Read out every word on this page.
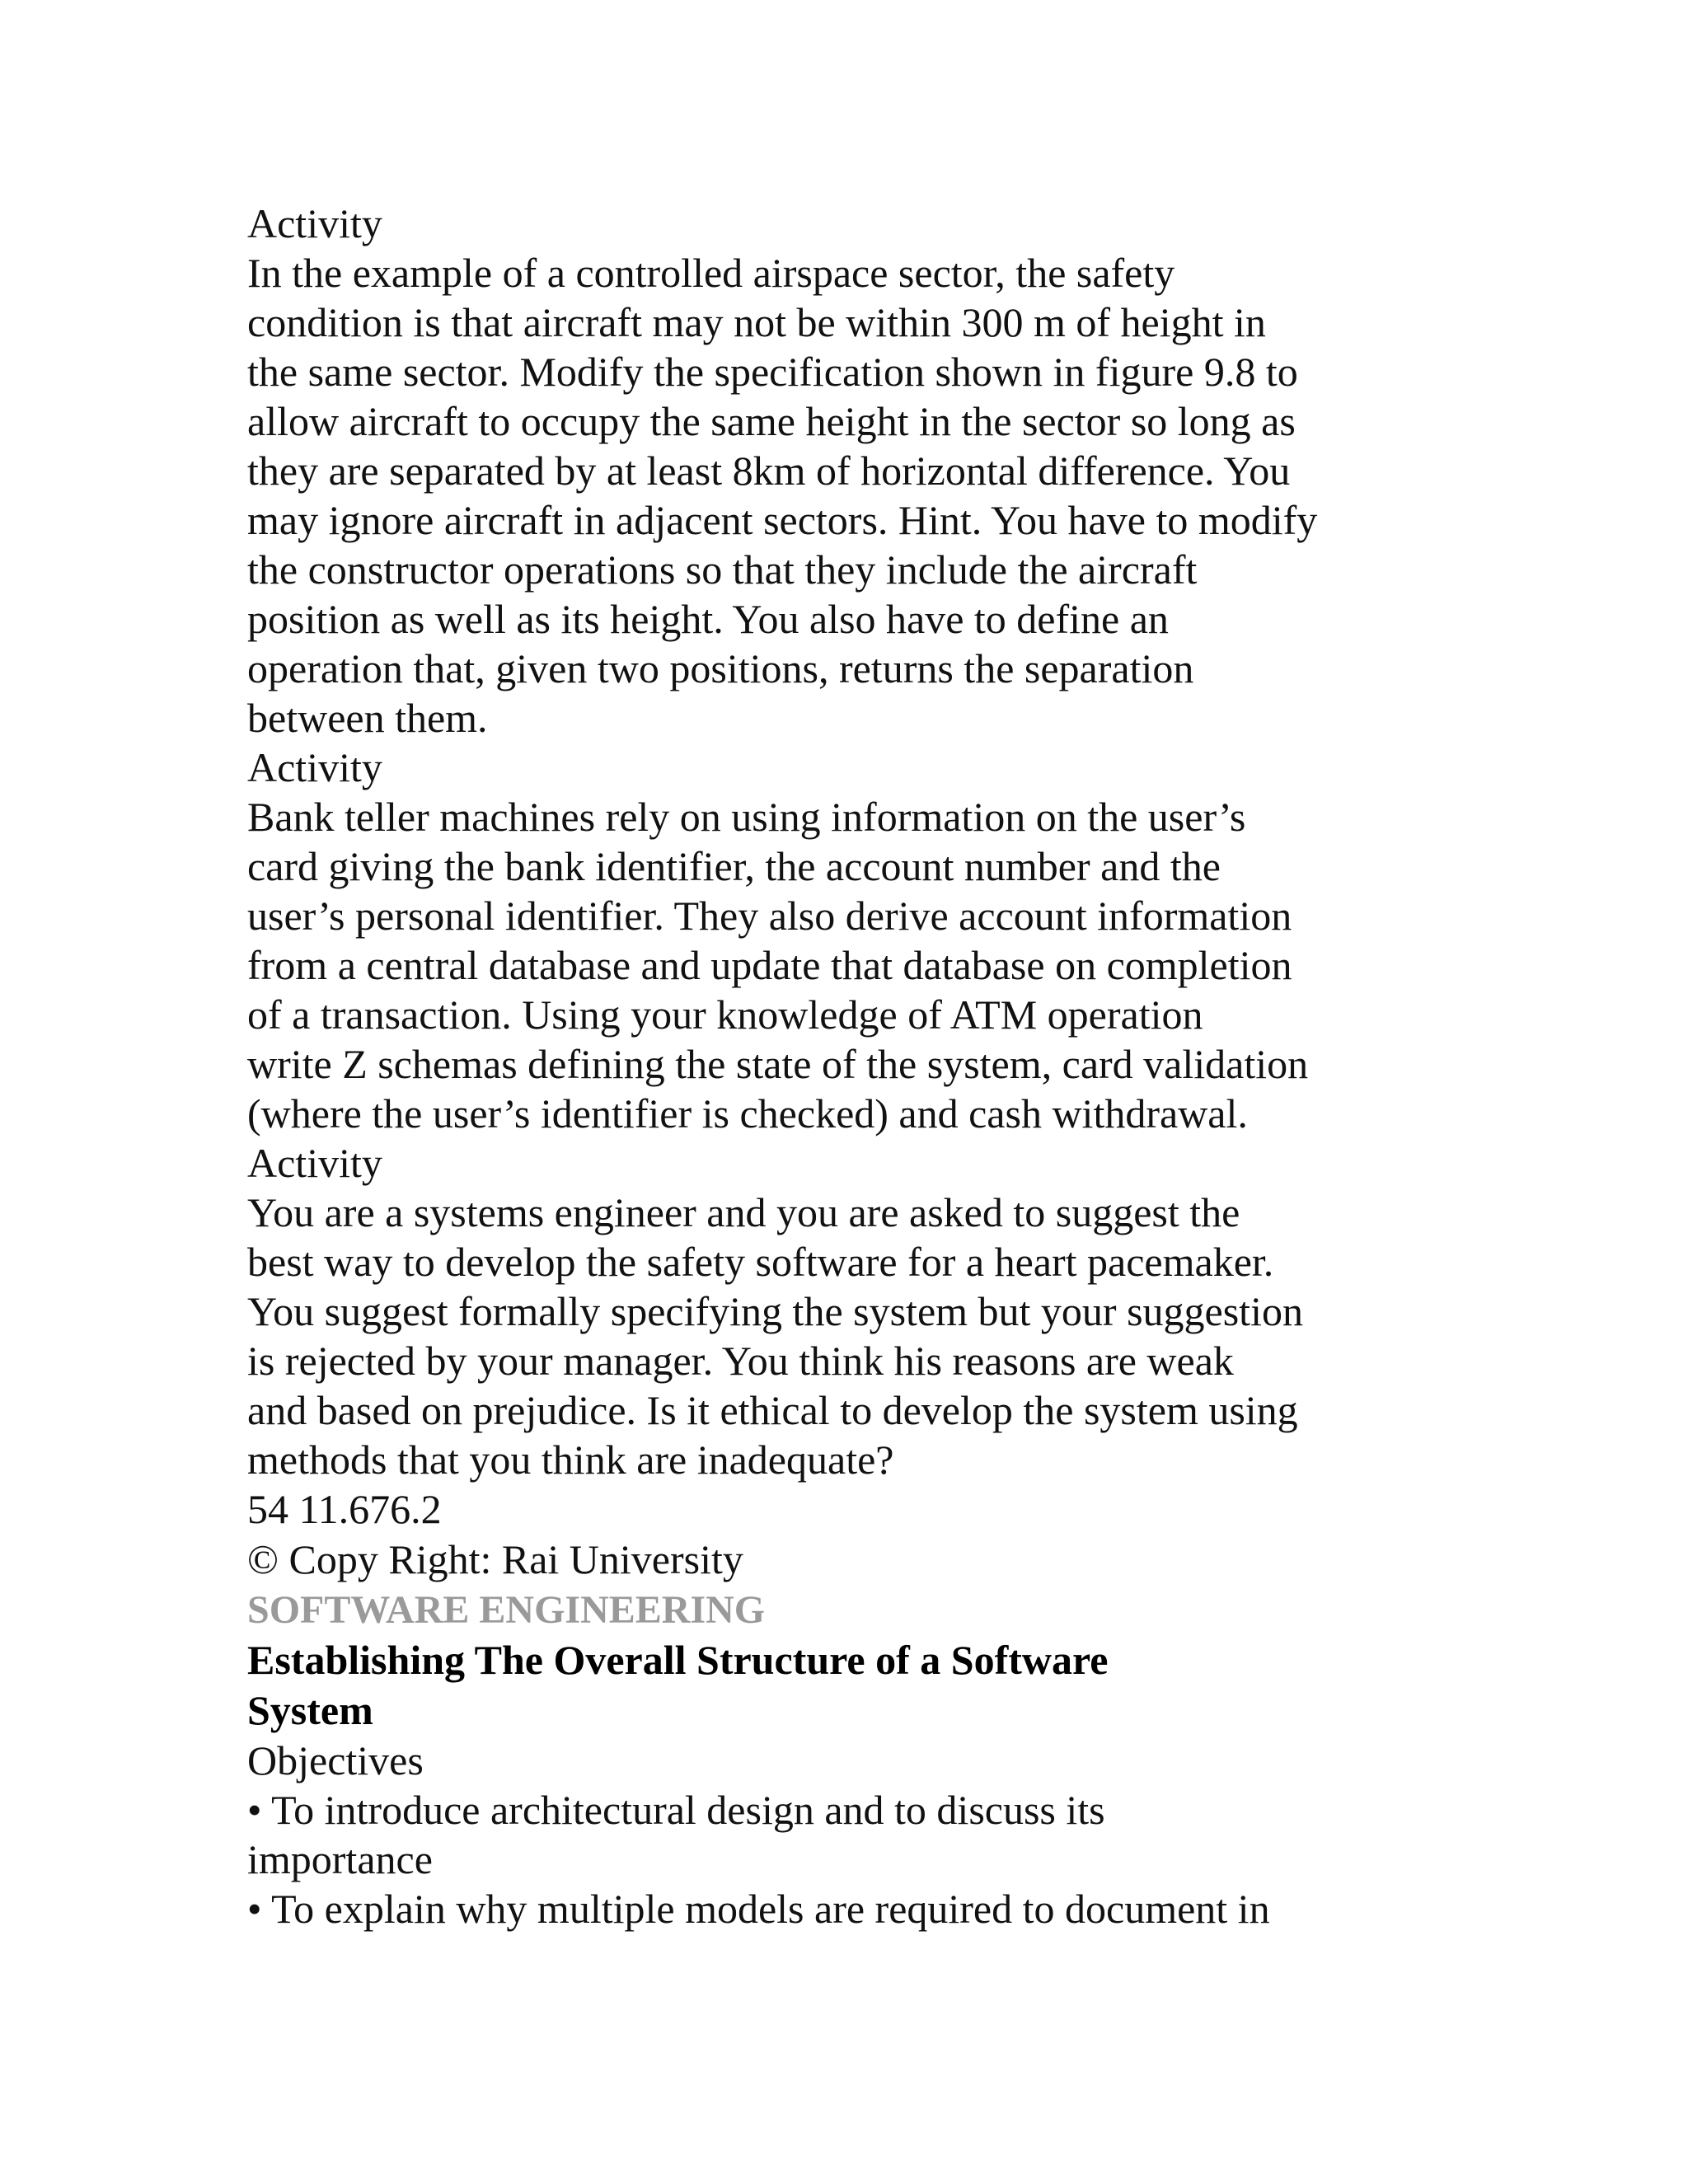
Activity
In the example of a controlled airspace sector, the safety
condition is that aircraft may not be within 300 m of height in
the same sector. Modify the specification shown in figure 9.8 to
allow aircraft to occupy the same height in the sector so long as
they are separated by at least 8km of horizontal difference. You
may ignore aircraft in adjacent sectors. Hint. You have to modify
the constructor operations so that they include the aircraft
position as well as its height. You also have to define an
operation that, given two positions, returns the separation
between them.
Activity
Bank teller machines rely on using information on the user’s
card giving the bank identifier, the account number and the
user’s personal identifier. They also derive account information
from a central database and update that database on completion
of a transaction. Using your knowledge of ATM operation
write Z schemas defining the state of the system, card validation
(where the user’s identifier is checked) and cash withdrawal.
Activity
You are a systems engineer and you are asked to suggest the
best way to develop the safety software for a heart pacemaker.
You suggest formally specifying the system but your suggestion
is rejected by your manager. You think his reasons are weak
and based on prejudice. Is it ethical to develop the system using
methods that you think are inadequate?
54 11.676.2
© Copy Right: Rai University
SOFTWARE ENGINEERING
Establishing The Overall Structure of a Software
System
Objectives
• To introduce architectural design and to discuss its
importance
• To explain why multiple models are required to document in
